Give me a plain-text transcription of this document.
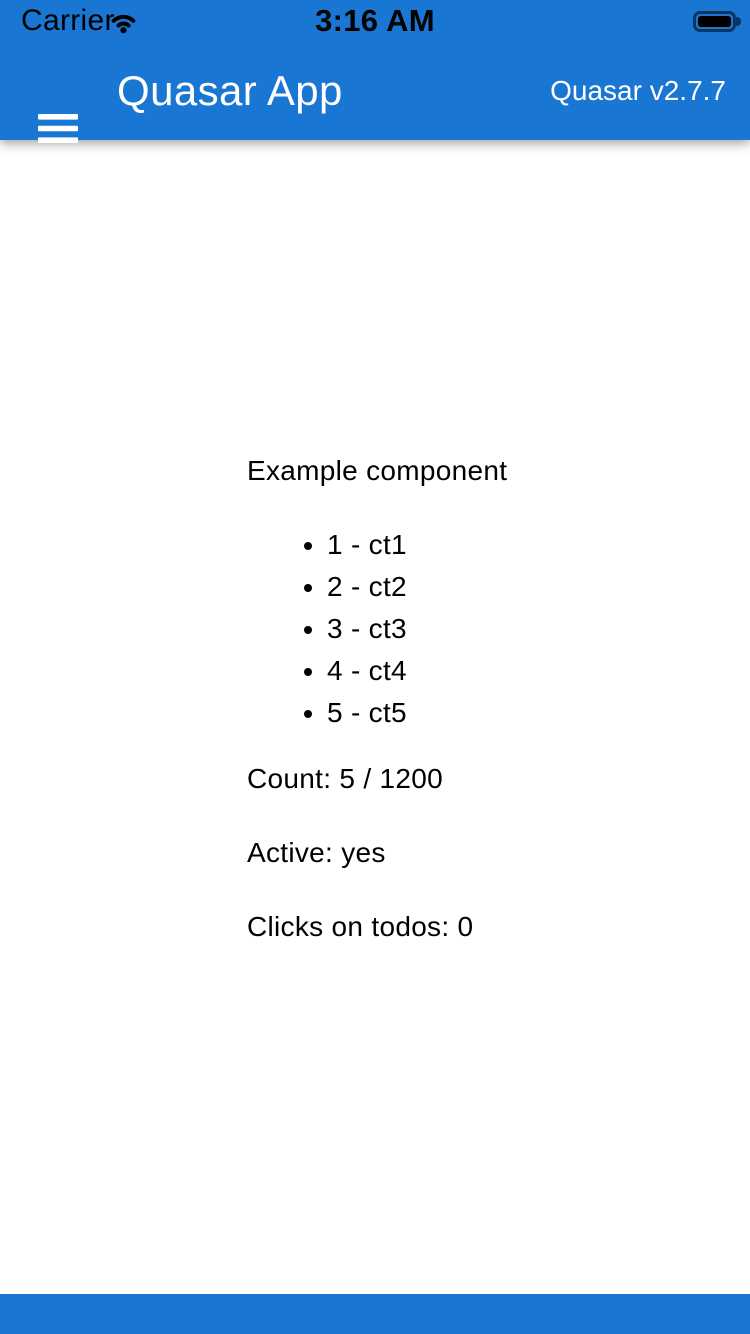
Carrier	3:16 AM
Quasar App	Quasar v2.7.7

Example component

• 1 - ct1
• 2 - ct2
• 3 - ct3
• 4 - ct4
• 5 - ct5

Count: 5 / 1200

Active: yes

Clicks on todos: 0
